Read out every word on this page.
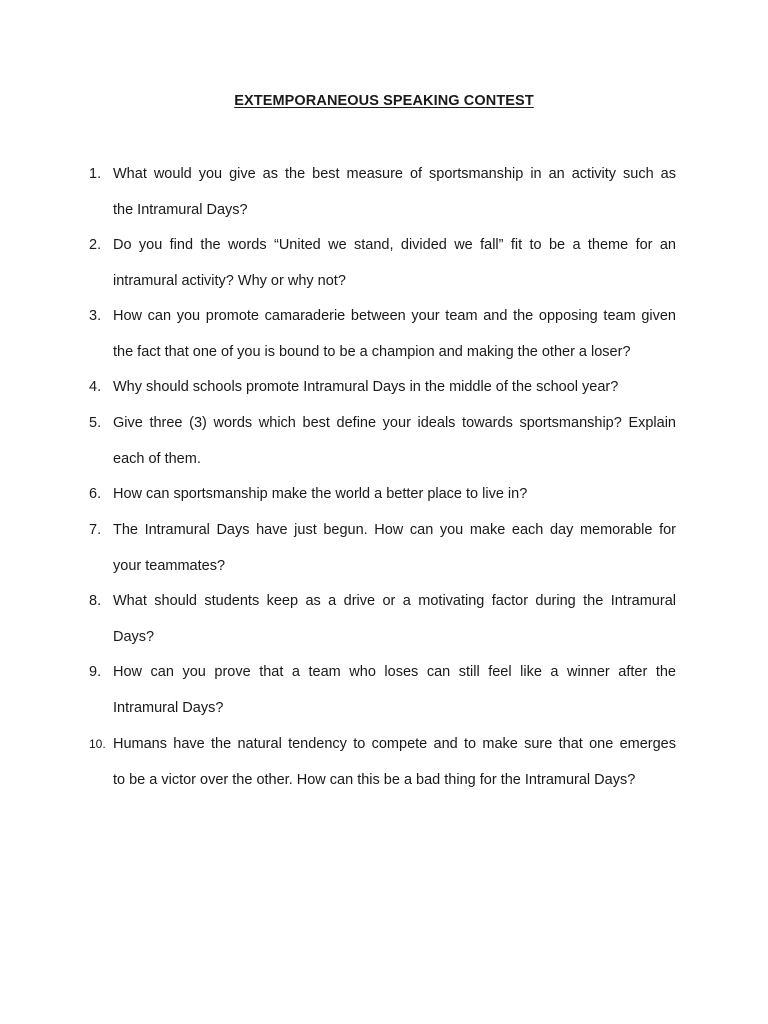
EXTEMPORANEOUS SPEAKING CONTEST
1. What would you give as the best measure of sportsmanship in an activity such as
the Intramural Days?
2. Do you find the words “United we stand, divided we fall” fit to be a theme for an
intramural activity? Why or why not?
3. How can you promote camaraderie between your team and the opposing team given
the fact that one of you is bound to be a champion and making the other a loser?
4. Why should schools promote Intramural Days in the middle of the school year?
5. Give three (3) words which best define your ideals towards sportsmanship? Explain
each of them.
6. How can sportsmanship make the world a better place to live in?
7. The Intramural Days have just begun. How can you make each day memorable for
your teammates?
8. What should students keep as a drive or a motivating factor during the Intramural
Days?
9. How can you prove that a team who loses can still feel like a winner after the
Intramural Days?
10. Humans have the natural tendency to compete and to make sure that one emerges
to be a victor over the other. How can this be a bad thing for the Intramural Days?
